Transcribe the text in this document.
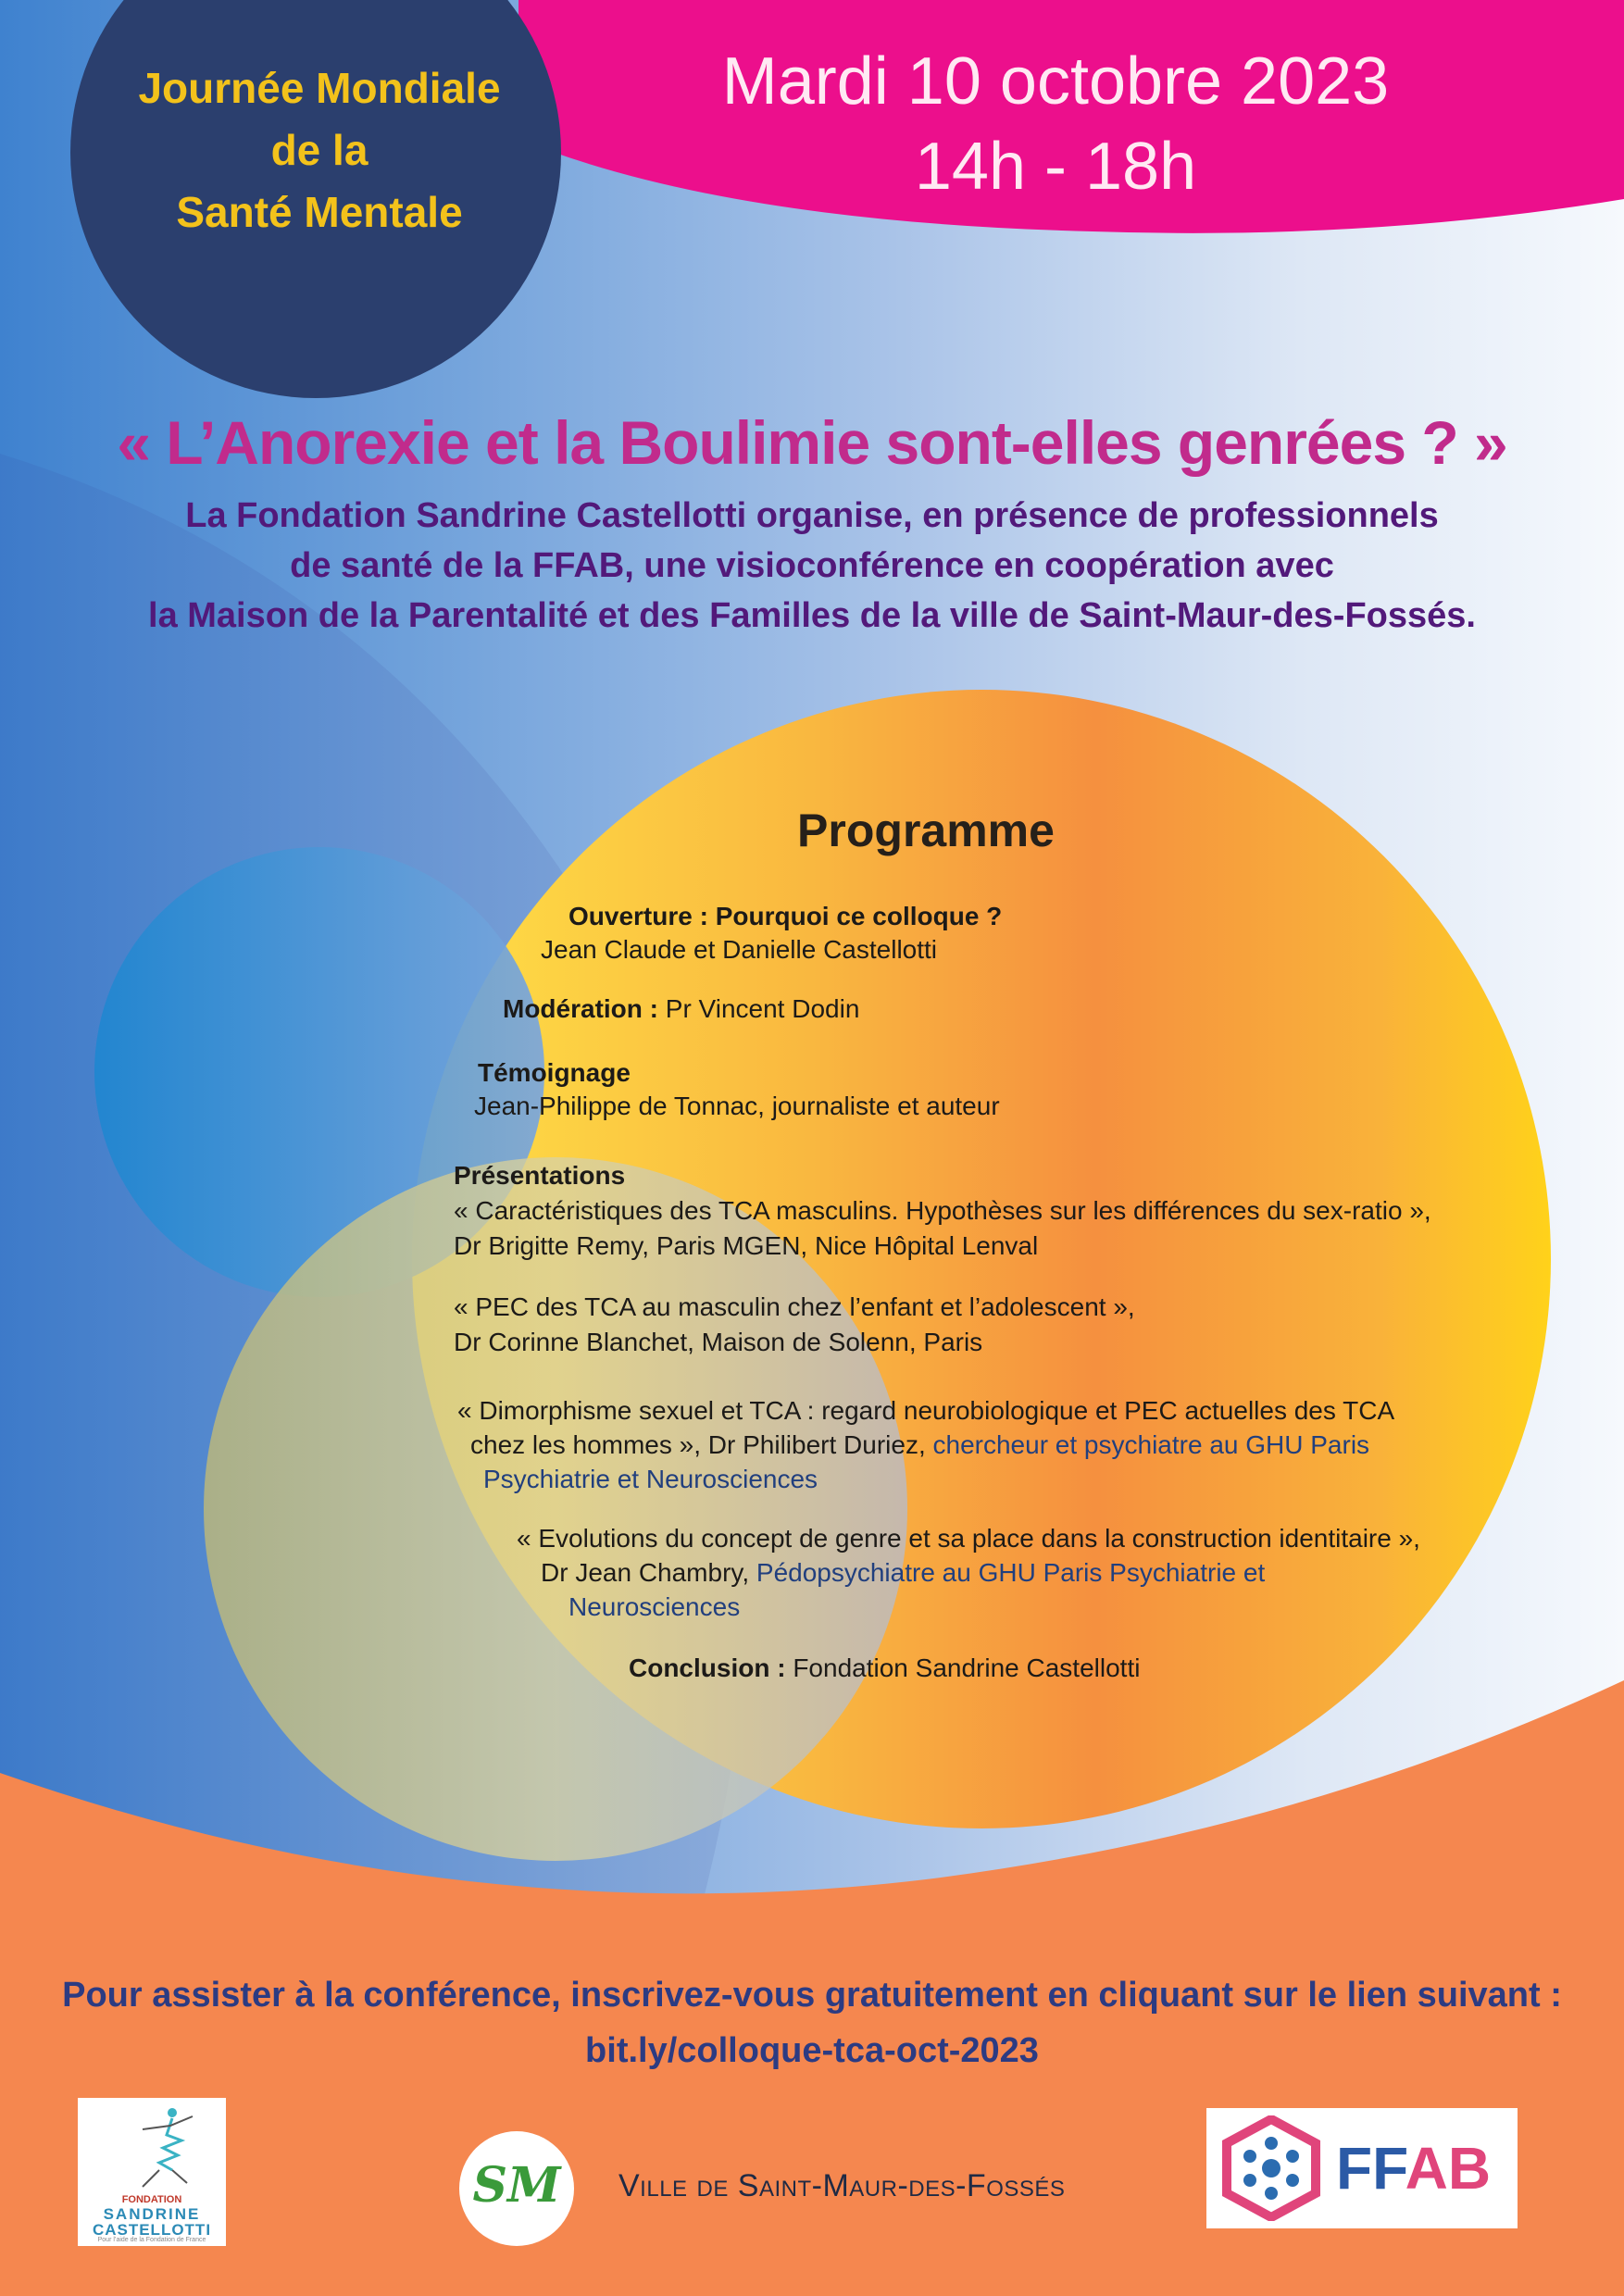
Journée Mondiale
de la
Santé Mentale
Mardi 10 octobre 2023
14h - 18h
« L’Anorexie et la Boulimie sont-elles genrées ? »
La Fondation Sandrine Castellotti organise, en présence de professionnels
de santé de la FFAB, une visioconférence en coopération avec
la Maison de la Parentalité et des Familles de la ville de Saint-Maur-des-Fossés.
Programme
Ouverture : Pourquoi ce colloque ?
Jean Claude et Danielle Castellotti
Modération : Pr Vincent Dodin
Témoignage
Jean-Philippe de Tonnac, journaliste et auteur
Présentations
« Caractéristiques des TCA masculins. Hypothèses sur les différences du sex-ratio »,
Dr Brigitte Remy, Paris MGEN, Nice Hôpital Lenval
« PEC des TCA au masculin chez l’enfant et l’adolescent »,
Dr Corinne Blanchet, Maison de Solenn, Paris
« Dimorphisme sexuel et TCA : regard neurobiologique et PEC actuelles des TCA
chez les hommes », Dr Philibert Duriez, chercheur et psychiatre au GHU Paris
Psychiatrie et Neurosciences
« Evolutions du concept de genre et sa place dans la construction identitaire »,
Dr Jean Chambry, Pédopsychiatre au GHU Paris Psychiatrie et
Neurosciences
Conclusion : Fondation Sandrine Castellotti
Pour assister à la conférence, inscrivez-vous gratuitement en cliquant sur le lien suivant :
bit.ly/colloque-tca-oct-2023
FONDATION
SANDRINE
CASTELLOTTI
Pour l’aide de la Fondation de France
SM	Ville de Saint-Maur-des-Fossés	FFAB
